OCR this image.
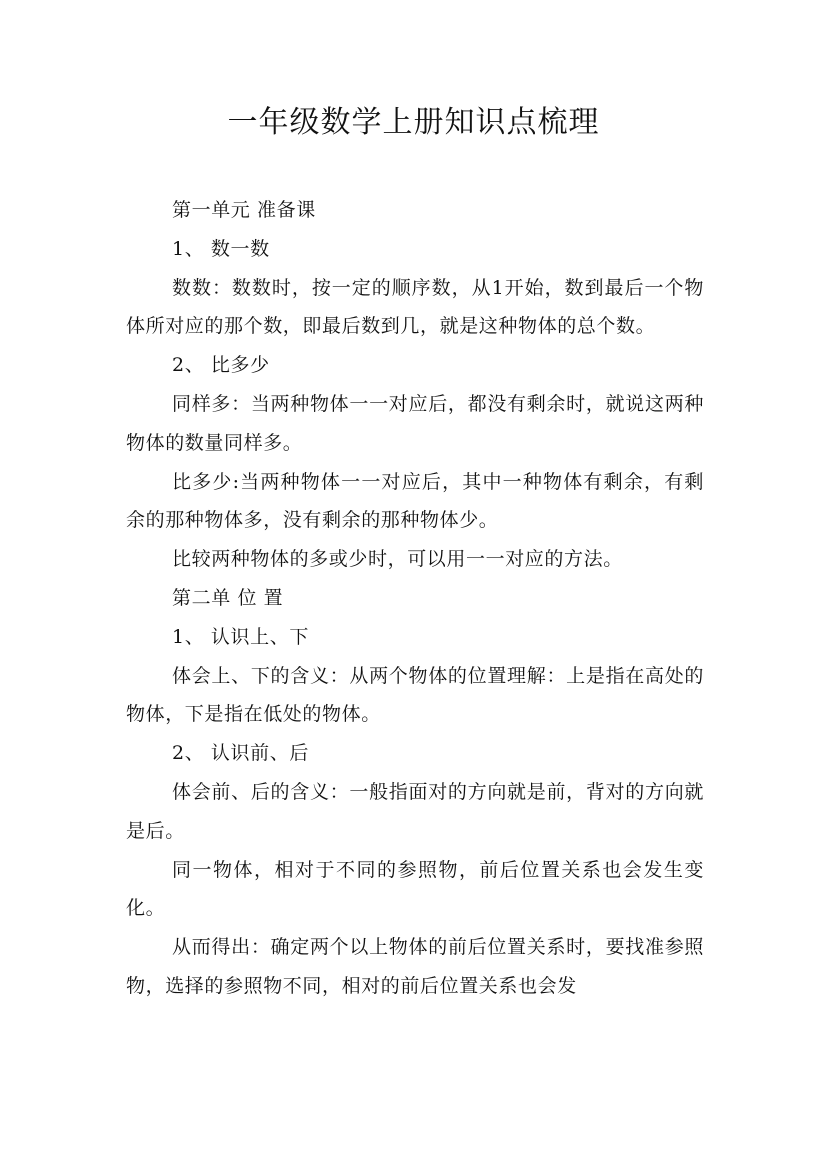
一年级数学上册知识点梳理

第一单元 准备课

1、 数一数

数数：数数时，按一定的顺序数，从1开始，数到最后一个物体所对应的那个数，即最后数到几，就是这种物体的总个数。

2、 比多少

同样多：当两种物体一一对应后，都没有剩余时，就说这两种物体的数量同样多。

比多少:当两种物体一一对应后，其中一种物体有剩余，有剩余的那种物体多，没有剩余的那种物体少。

比较两种物体的多或少时，可以用一一对应的方法。

第二单 位 置

1、 认识上、下

体会上、下的含义：从两个物体的位置理解：上是指在高处的物体，下是指在低处的物体。

2、 认识前、后

体会前、后的含义：一般指面对的方向就是前，背对的方向就是后。

同一物体，相对于不同的参照物，前后位置关系也会发生变化。

从而得出：确定两个以上物体的前后位置关系时，要找准参照物，选择的参照物不同，相对的前后位置关系也会发
